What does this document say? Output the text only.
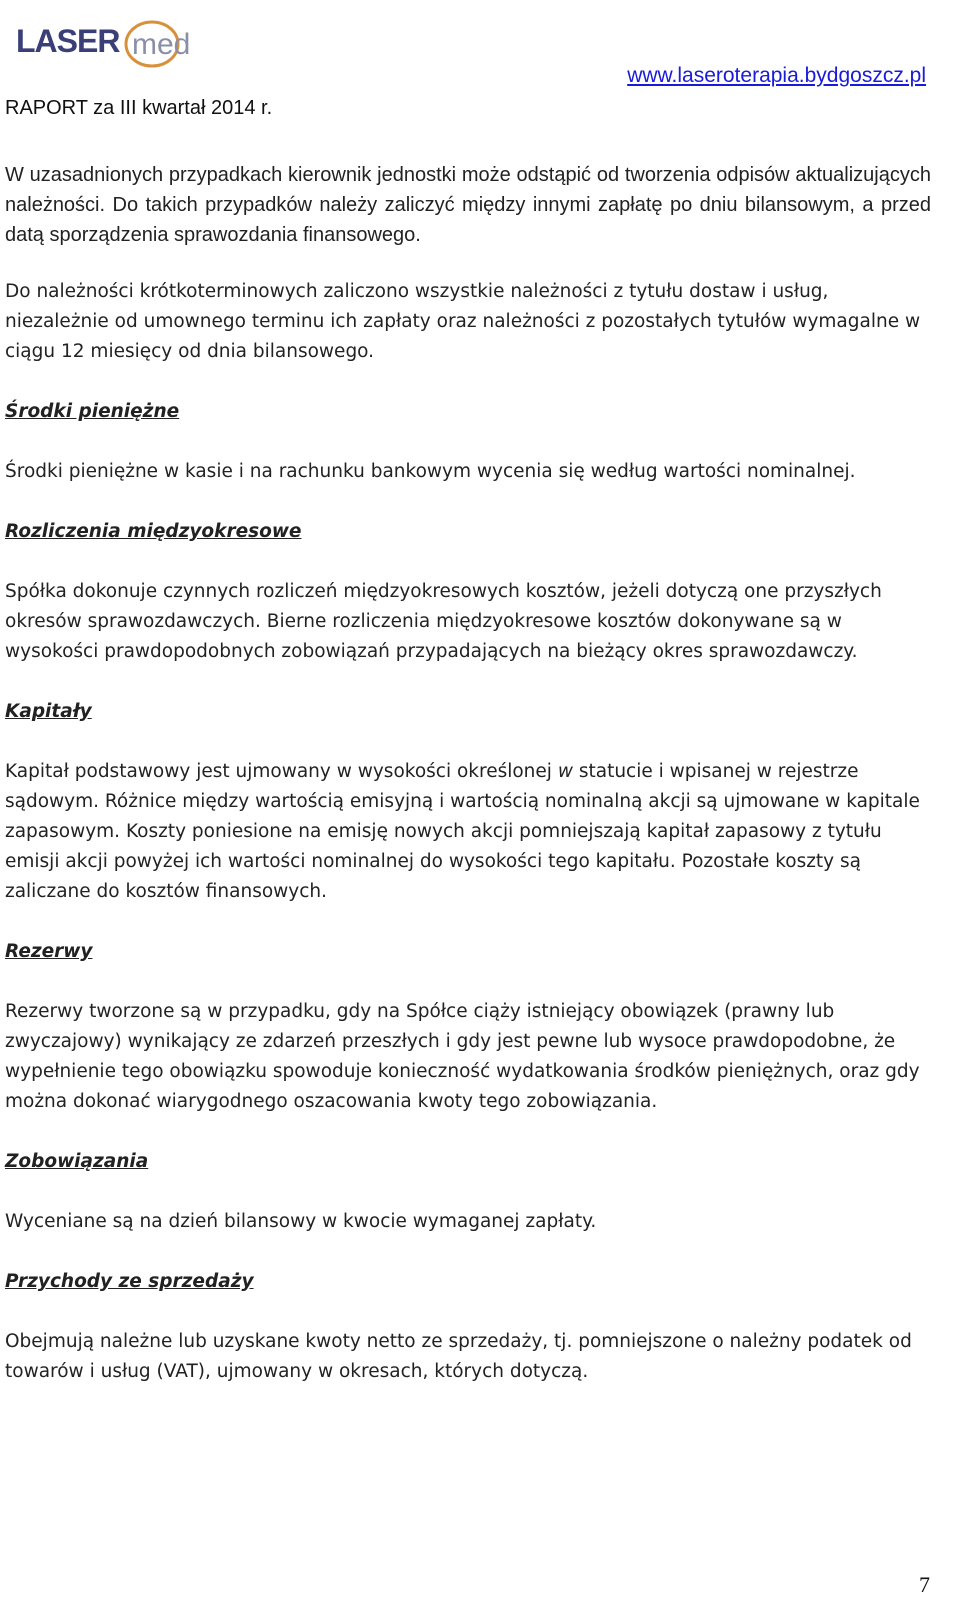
LASER med
RAPORT za III kwartał 2014 r.
www.laseroterapia.bydgoszcz.pl

W uzasadnionych przypadkach kierownik jednostki może odstąpić od tworzenia odpisów aktualizujących należności. Do takich przypadków należy zaliczyć między innymi zapłatę po dniu bilansowym, a przed datą sporządzenia sprawozdania finansowego.

Do należności krótkoterminowych zaliczono wszystkie należności z tytułu dostaw i usług, niezależnie od umownego terminu ich zapłaty oraz należności z pozostałych tytułów wymagalne w ciągu 12 miesięcy od dnia bilansowego.

Środki pieniężne

Środki pieniężne w kasie i na rachunku bankowym wycenia się według wartości nominalnej.

Rozliczenia międzyokresowe

Spółka dokonuje czynnych rozliczeń międzyokresowych kosztów, jeżeli dotyczą one przyszłych okresów sprawozdawczych. Bierne rozliczenia międzyokresowe kosztów dokonywane są w wysokości prawdopodobnych zobowiązań przypadających na bieżący okres sprawozdawczy.

Kapitały

Kapitał podstawowy jest ujmowany w wysokości określonej w statucie i wpisanej w rejestrze sądowym. Różnice między wartością emisyjną i wartością nominalną akcji są ujmowane w kapitale zapasowym. Koszty poniesione na emisję nowych akcji pomniejszają kapitał zapasowy z tytułu emisji akcji powyżej ich wartości nominalnej do wysokości tego kapitału. Pozostałe koszty są zaliczane do kosztów finansowych.

Rezerwy

Rezerwy tworzone są w przypadku, gdy na Spółce ciąży istniejący obowiązek (prawny lub zwyczajowy) wynikający ze zdarzeń przeszłych i gdy jest pewne lub wysoce prawdopodobne, że wypełnienie tego obowiązku spowoduje konieczność wydatkowania środków pieniężnych, oraz gdy można dokonać wiarygodnego oszacowania kwoty tego zobowiązania.

Zobowiązania

Wyceniane są na dzień bilansowy w kwocie wymaganej zapłaty.

Przychody ze sprzedaży

Obejmują należne lub uzyskane kwoty netto ze sprzedaży, tj. pomniejszone o należny podatek od towarów i usług (VAT), ujmowany w okresach, których dotyczą.

7
